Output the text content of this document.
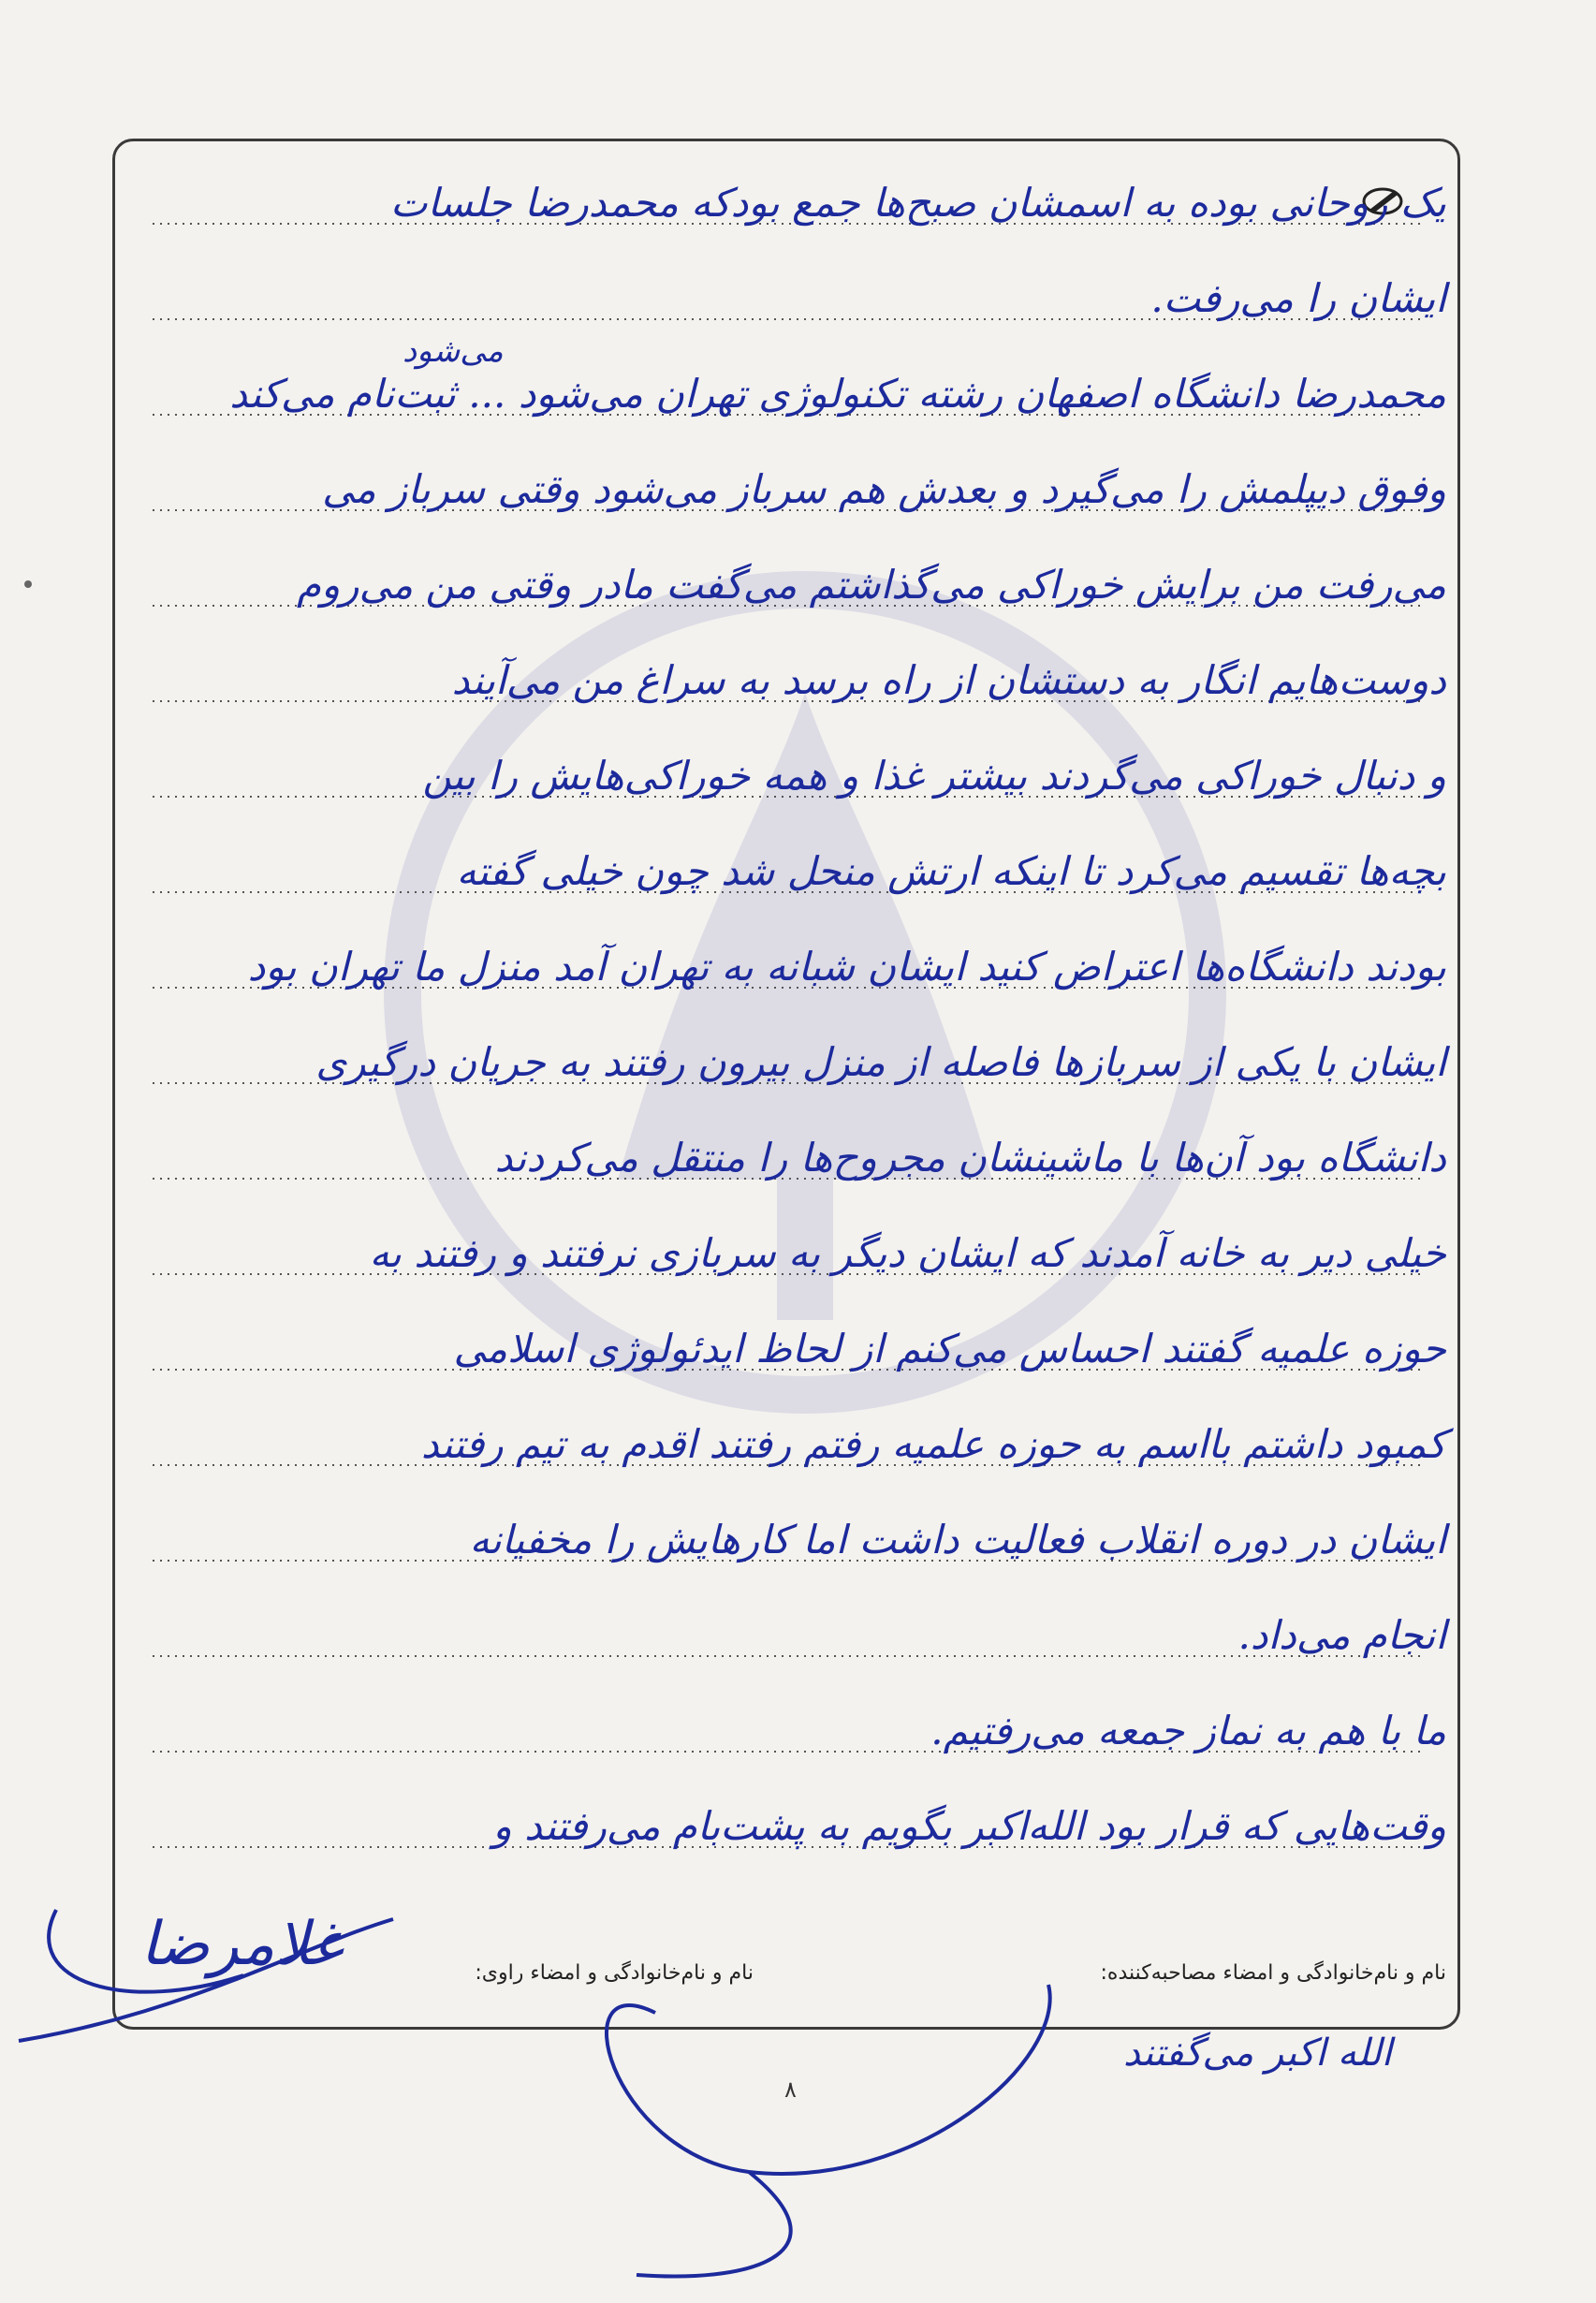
یک روحانی بوده به اسمشان صبح‌ها جمع بودکه محمدرضا جلسات
ایشان را می‌رفت.
محمدرضا دانشگاه اصفهان رشته تکنولوژی تهران می‌شود ... ثبت‌نام می‌کند
وفوق دیپلمش را می‌گیرد و بعدش هم سرباز می‌شود وقتی سرباز می
می‌رفت من برایش خوراکی می‌گذاشتم می‌گفت مادر وقتی من می‌روم
دوست‌هایم انگار به دستشان از راه برسد به سراغ من می‌آیند
و دنبال خوراکی می‌گردند بیشتر غذا و همه خوراکی‌هایش را بین
بچه‌ها تقسیم می‌کرد تا اینکه ارتش منحل شد چون خیلی گفته
بودند دانشگاه‌ها اعتراض کنید ایشان شبانه به تهران آمد منزل ما تهران بود
ایشان با یکی از سربازها فاصله از منزل بیرون رفتند به جریان درگیری
دانشگاه بود آن‌ها با ماشینشان مجروح‌ها را منتقل می‌کردند
خیلی دیر به خانه آمدند که ایشان دیگر به سربازی نرفتند و رفتند به
حوزه علمیه گفتند احساس می‌کنم از لحاظ ایدئولوژی اسلامی
کمبود داشتم بااسم به حوزه علمیه رفتم رفتند اقدم به تیم رفتند
ایشان در دوره انقلاب فعالیت داشت اما کارهایش را مخفیانه
انجام می‌داد.
ما با هم به نماز جمعه می‌رفتیم.
وقت‌هایی که قرار بود الله‌اکبر بگویم به پشت‌بام می‌رفتند و
می‌شود
نام و نام‌خانوادگی و امضاء مصاحبه‌کننده:
نام و نام‌خانوادگی و امضاء راوی:
غلامرضا
الله اکبر می‌گفتند
۸
